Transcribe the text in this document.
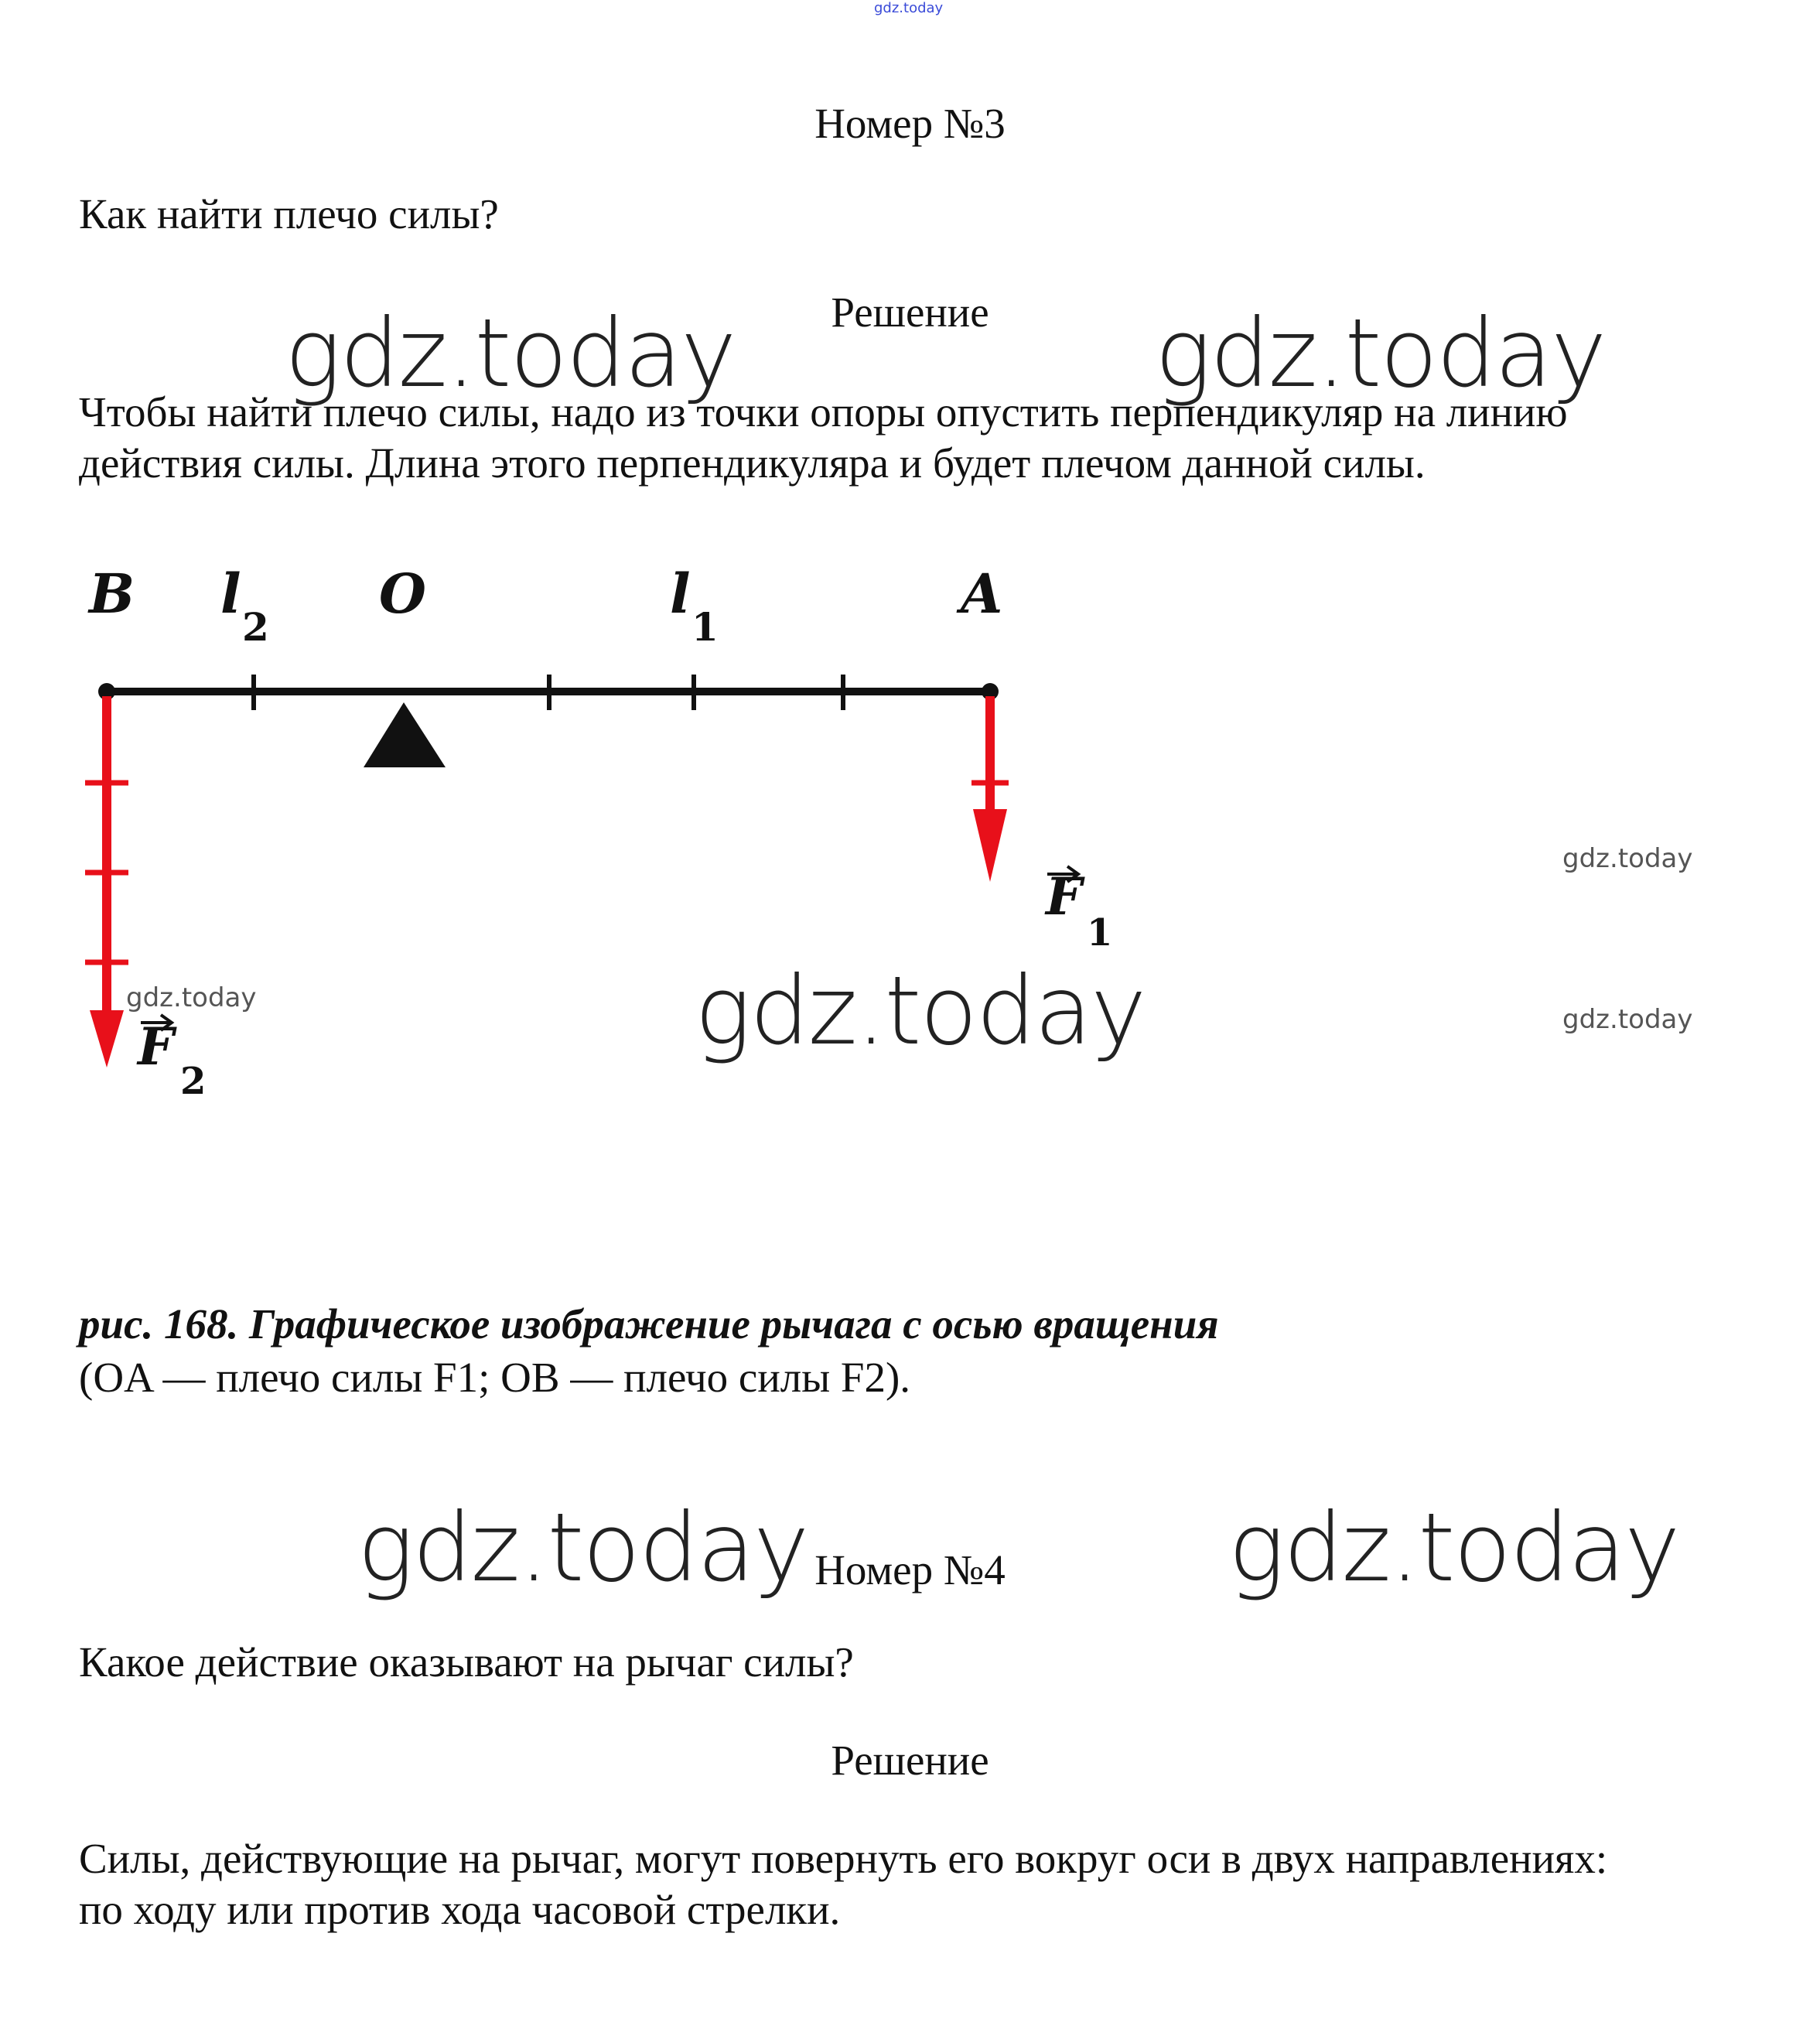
gdz.today
Номер №3
Как найти плечо силы?
Решение
gdz.today	gdz.today
Чтобы найти плечо силы, надо из точки опоры опустить перпендикуляр на линию
действия силы. Длина этого перпендикуляра и будет плечом данной силы.
B l
2
O	l
1
A
F
1
F
2
gdz.today	gdz.today
gdz.today
gdz.today
рис. 168. Графическое изображение рычага с осью вращения
(OA — плечо силы F1; OB — плечо силы F2).
gdz.today	gdz.today
Номер №4
Какое действие оказывают на рычаг силы?
Решение
Силы, действующие на рычаг, могут повернуть его вокруг оси в двух направлениях:
по ходу или против хода часовой стрелки.
